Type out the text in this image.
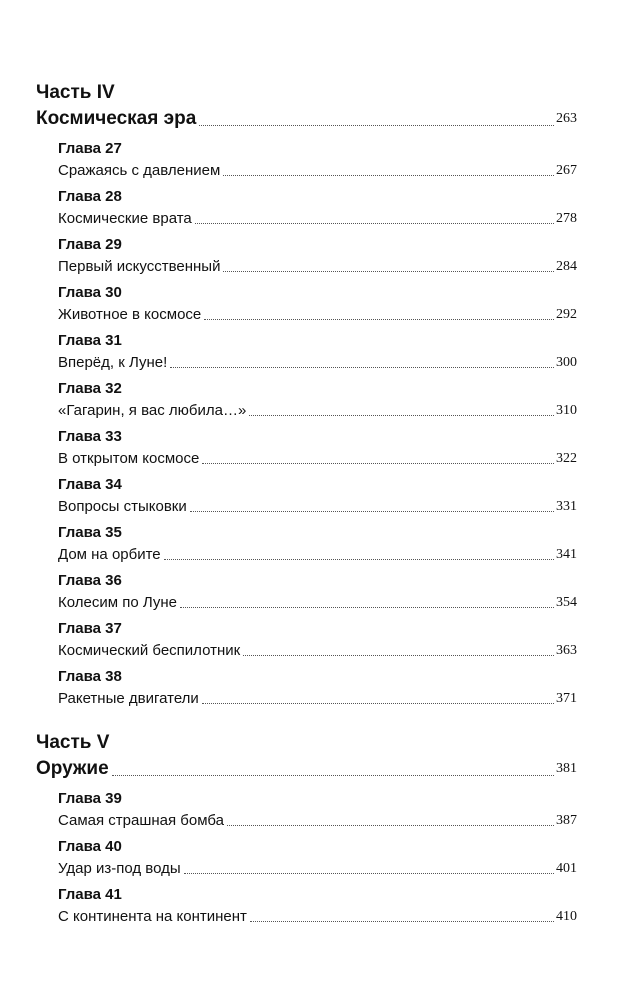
Часть IV
Космическая эра	263
Глава 27
Сражаясь с давлением	267
Глава 28
Космические врата	278
Глава 29
Первый искусственный	284
Глава 30
Животное в космосе	292
Глава 31
Вперёд, к Луне!	300
Глава 32
«Гагарин, я вас любила…»	310
Глава 33
В открытом космосе	322
Глава 34
Вопросы стыковки	331
Глава 35
Дом на орбите	341
Глава 36
Колесим по Луне	354
Глава 37
Космический беспилотник	363
Глава 38
Ракетные двигатели	371
Часть V
Оружие	381
Глава 39
Самая страшная бомба	387
Глава 40
Удар из-под воды	401
Глава 41
С континента на континент	410
